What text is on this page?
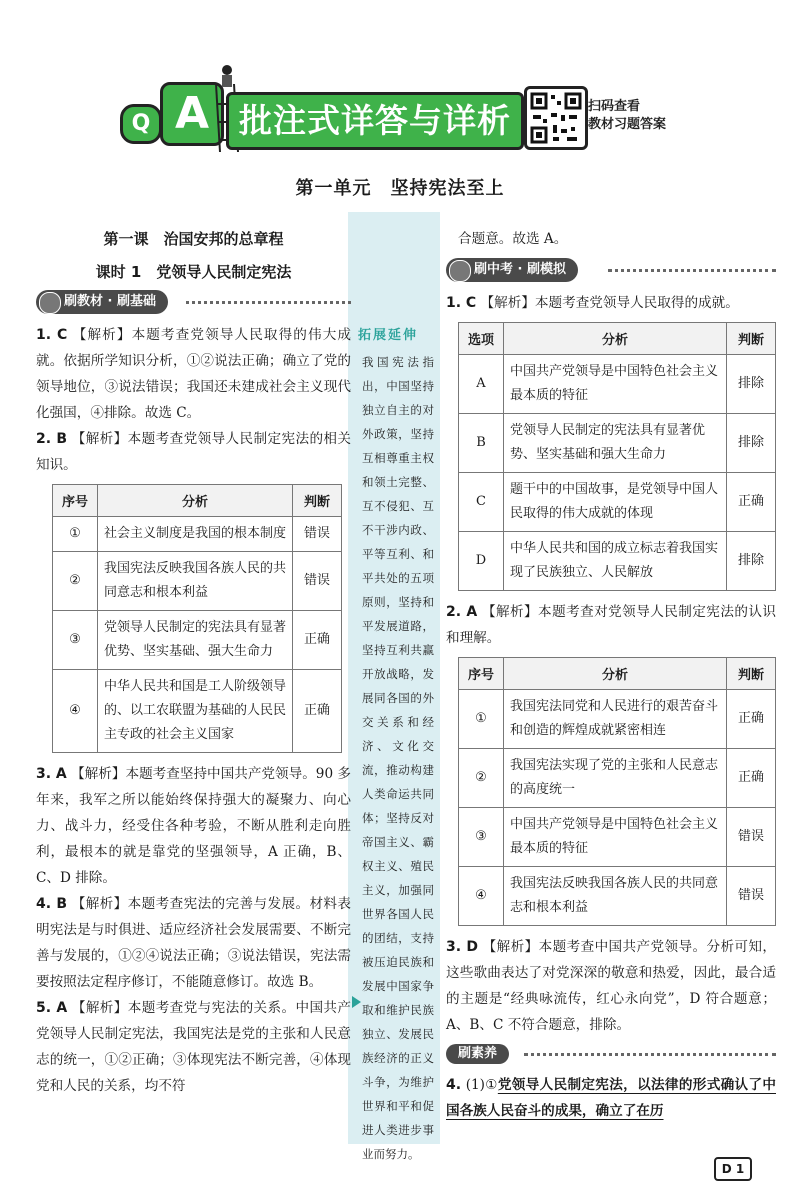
Q A 批注式详答与详析	扫码查看
教材习题答案
第一单元　坚持宪法至上
拓展延伸
我国宪法指出，中国坚持独立自主的对外政策，坚持互相尊重主权和领土完整、互不侵犯、互不干涉内政、平等互利、和平共处的五项原则，坚持和平发展道路，坚持互利共赢开放战略，发展同各国的外交关系和经济、文化交流，推动构建人类命运共同体；坚持反对帝国主义、霸权主义、殖民主义，加强同世界各国人民的团结，支持被压迫民族和发展中国家争取和维护民族独立、发展民族经济的正义斗争，为维护世界和平和促进人类进步事业而努力。
第一课　治国安邦的总章程
课时 1　党领导人民制定宪法
刷教材 · 刷基础
1. C 【解析】本题考查党领导人民取得的伟大成就。依据所学知识分析，①②说法正确；确立了党的领导地位，③说法错误；我国还未建成社会主义现代化强国，④排除。故选 C。
2. B 【解析】本题考查党领导人民制定宪法的相关知识。
序号	分析	判断
①	社会主义制度是我国的根本制度	错误
②	我国宪法反映我国各族人民的共同意志和根本利益	错误
③	党领导人民制定的宪法具有显著优势、坚实基础、强大生命力	正确
④	中华人民共和国是工人阶级领导的、以工农联盟为基础的人民民主专政的社会主义国家	正确
3. A 【解析】本题考查坚持中国共产党领导。90 多年来，我军之所以能始终保持强大的凝聚力、向心力、战斗力，经受住各种考验，不断从胜利走向胜利，最根本的就是靠党的坚强领导，A 正确，B、C、D 排除。
4. B 【解析】本题考查宪法的完善与发展。材料表明宪法是与时俱进、适应经济社会发展需要、不断完善与发展的，①②④说法正确；③说法错误，宪法需要按照法定程序修订，不能随意修订。故选 B。
5. A 【解析】本题考查党与宪法的关系。中国共产党领导人民制定宪法，我国宪法是党的主张和人民意志的统一，①②正确；③体现宪法不断完善，④体现党和人民的关系，均不符
合题意。故选 A。
刷中考 · 刷模拟
1. C 【解析】本题考查党领导人民取得的成就。
选项	分析	判断
A	中国共产党领导是中国特色社会主义最本质的特征	排除
B	党领导人民制定的宪法具有显著优势、坚实基础和强大生命力	排除
C	题干中的中国故事，是党领导中国人民取得的伟大成就的体现	正确
D	中华人民共和国的成立标志着我国实现了民族独立、人民解放	排除
2. A 【解析】本题考查对党领导人民制定宪法的认识和理解。
序号	分析	判断
①	我国宪法同党和人民进行的艰苦奋斗和创造的辉煌成就紧密相连	正确
②	我国宪法实现了党的主张和人民意志的高度统一	正确
③	中国共产党领导是中国特色社会主义最本质的特征	错误
④	我国宪法反映我国各族人民的共同意志和根本利益	错误
3. D 【解析】本题考查中国共产党领导。分析可知，这些歌曲表达了对党深深的敬意和热爱，因此，最合适的主题是“经典咏流传，红心永向党”，D 符合题意；A、B、C 不符合题意，排除。
刷素养
4. (1)①党领导人民制定宪法，以法律的形式确认了中国各族人民奋斗的成果，确立了在历
D 1
